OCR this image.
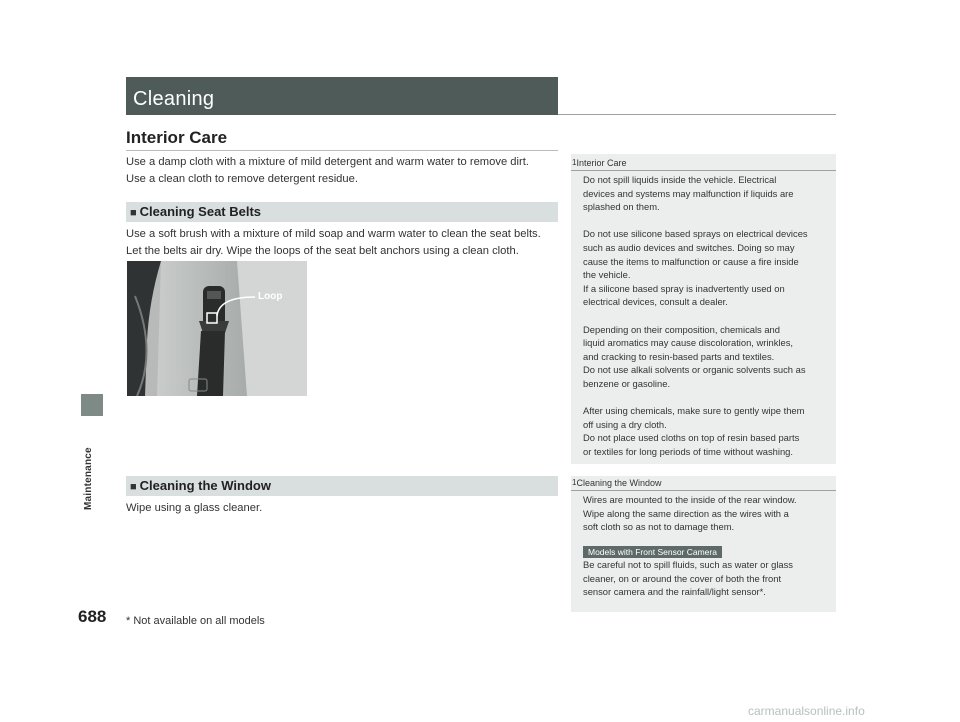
Maintenance
688
Cleaning
Interior Care
Use a damp cloth with a mixture of mild detergent and warm water to remove dirt.
Use a clean cloth to remove detergent residue.
■ Cleaning Seat Belts
Use a soft brush with a mixture of mild soap and warm water to clean the seat belts.
Let the belts air dry. Wipe the loops of the seat belt anchors using a clean cloth.
Loop
■ Cleaning the Window
Wipe using a glass cleaner.
1Interior Care

Do not spill liquids inside the vehicle. Electrical

devices and systems may malfunction if liquids are

splashed on them.

Do not use silicone based sprays on electrical devices

such as audio devices and switches. Doing so may

cause the items to malfunction or cause a fire inside

the vehicle.

If a silicone based spray is inadvertently used on

electrical devices, consult a dealer.

Depending on their composition, chemicals and

liquid aromatics may cause discoloration, wrinkles,

and cracking to resin-based parts and textiles.

Do not use alkali solvents or organic solvents such as

benzene or gasoline.

After using chemicals, make sure to gently wipe them

off using a dry cloth.

Do not place used cloths on top of resin based parts

or textiles for long periods of time without washing.

1Cleaning the Window

Wires are mounted to the inside of the rear window.

Wipe along the same direction as the wires with a

soft cloth so as not to damage them.

Models with Front Sensor Camera

Be careful not to spill fluids, such as water or glass

cleaner, on or around the cover of both the front

sensor camera and the rainfall/light sensor*.

* Not available on all models
carmanualsonline.info
